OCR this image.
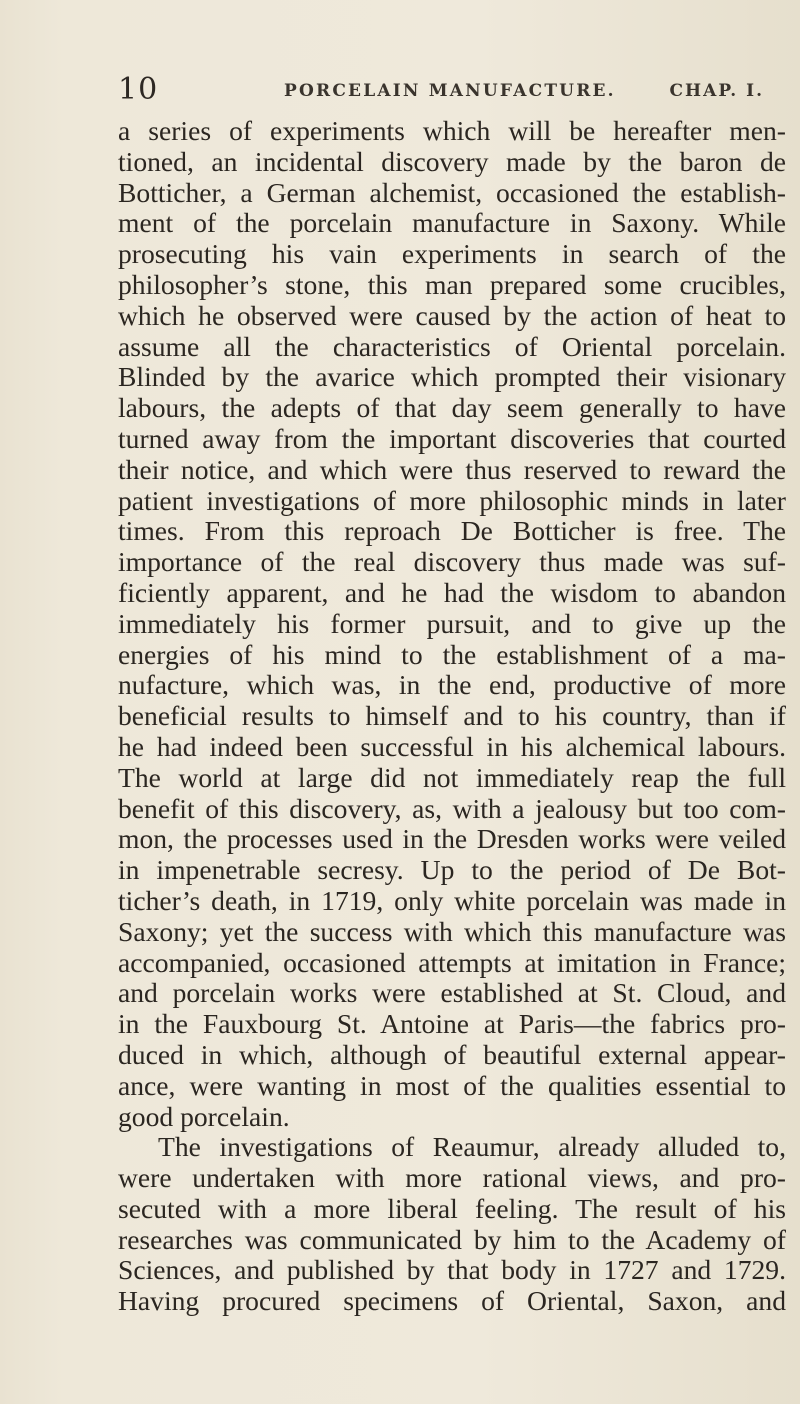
10	PORCELAIN MANUFACTURE.	CHAP. I.
a series of experiments which will be hereafter men-
tioned, an incidental discovery made by the baron de
Botticher, a German alchemist, occasioned the establish-
ment of the porcelain manufacture in Saxony. While
prosecuting his vain experiments in search of the
philosopher’s stone, this man prepared some crucibles,
which he observed were caused by the action of heat to
assume all the characteristics of Oriental porcelain.
Blinded by the avarice which prompted their visionary
labours, the adepts of that day seem generally to have
turned away from the important discoveries that courted
their notice, and which were thus reserved to reward the
patient investigations of more philosophic minds in later
times. From this reproach De Botticher is free. The
importance of the real discovery thus made was suf-
ficiently apparent, and he had the wisdom to abandon
immediately his former pursuit, and to give up the
energies of his mind to the establishment of a ma-
nufacture, which was, in the end, productive of more
beneficial results to himself and to his country, than if
he had indeed been successful in his alchemical labours.
The world at large did not immediately reap the full
benefit of this discovery, as, with a jealousy but too com-
mon, the processes used in the Dresden works were veiled
in impenetrable secresy. Up to the period of De Bot-
ticher’s death, in 1719, only white porcelain was made in
Saxony; yet the success with which this manufacture was
accompanied, occasioned attempts at imitation in France;
and porcelain works were established at St. Cloud, and
in the Fauxbourg St. Antoine at Paris—the fabrics pro-
duced in which, although of beautiful external appear-
ance, were wanting in most of the qualities essential to
good porcelain.
The investigations of Reaumur, already alluded to,
were undertaken with more rational views, and pro-
secuted with a more liberal feeling. The result of his
researches was communicated by him to the Academy of
Sciences, and published by that body in 1727 and 1729.
Having procured specimens of Oriental, Saxon, and
